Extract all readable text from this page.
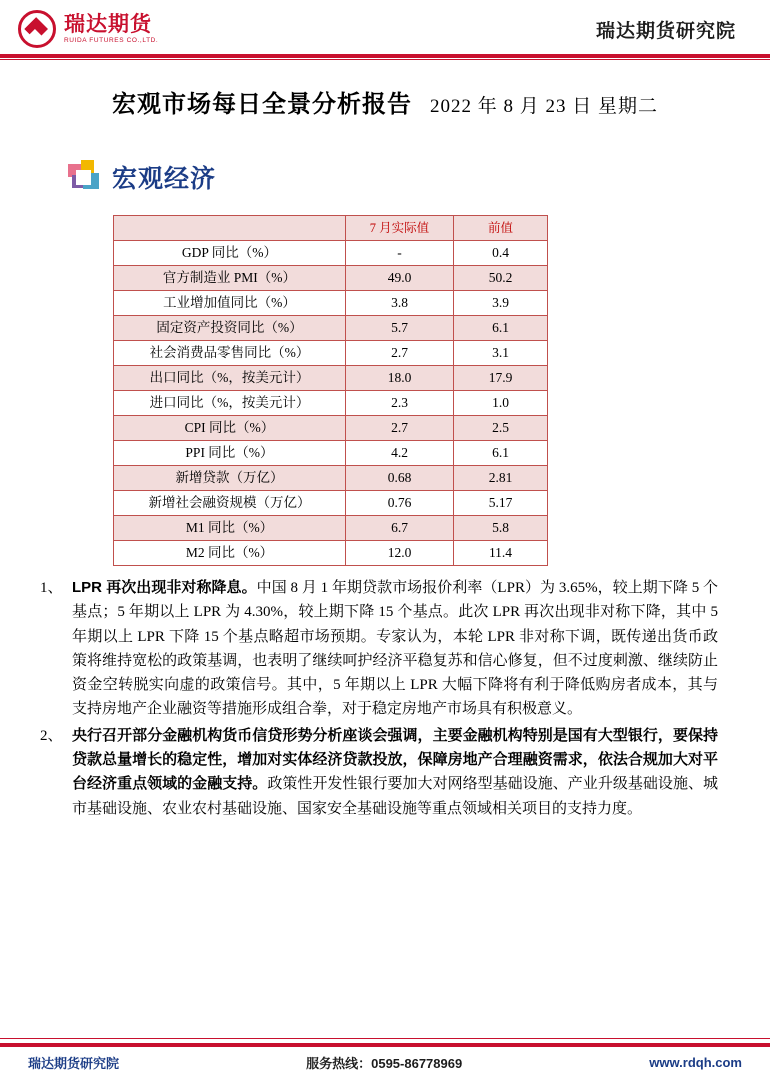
瑞达期货
RUIDA FUTURES CO.,LTD.	瑞达期货研究院
宏观市场每日全景分析报告 2022 年 8 月 23 日 星期二
宏观经济
	7 月实际值	前值
GDP 同比（%）	-	0.4
官方制造业 PMI（%）	49.0	50.2
工业增加值同比（%）	3.8	3.9
固定资产投资同比（%）	5.7	6.1
社会消费品零售同比（%）	2.7	3.1
出口同比（%，按美元计）	18.0	17.9
进口同比（%，按美元计）	2.3	1.0
CPI 同比（%）	2.7	2.5
PPI 同比（%）	4.2	6.1
新增贷款（万亿）	0.68	2.81
新增社会融资规模（万亿）	0.76	5.17
M1 同比（%）	6.7	5.8
M2 同比（%）	12.0	11.4
1、 LPR 再次出现非对称降息。中国 8 月 1 年期贷款市场报价利率（LPR）为 3.65%，较上期下降 5 个基点；5 年期以上 LPR 为 4.30%，较上期下降 15 个基点。此次 LPR 再次出现非对称下降，其中 5 年期以上 LPR 下降 15 个基点略超市场预期。专家认为，本轮 LPR 非对称下调，既传递出货币政策将维持宽松的政策基调，也表明了继续呵护经济平稳复苏和信心修复，但不过度刺激、继续防止资金空转脱实向虚的政策信号。其中，5 年期以上 LPR 大幅下降将有利于降低购房者成本，其与支持房地产企业融资等措施形成组合拳，对于稳定房地产市场具有积极意义。
2、 央行召开部分金融机构货币信贷形势分析座谈会强调，主要金融机构特别是国有大型银行，要保持贷款总量增长的稳定性，增加对实体经济贷款投放，保障房地产合理融资需求，依法合规加大对平台经济重点领域的金融支持。政策性开发性银行要加大对网络型基础设施、产业升级基础设施、城市基础设施、农业农村基础设施、国家安全基础设施等重点领域相关项目的支持力度。
瑞达期货研究院	服务热线：0595-86778969	www.rdqh.com
